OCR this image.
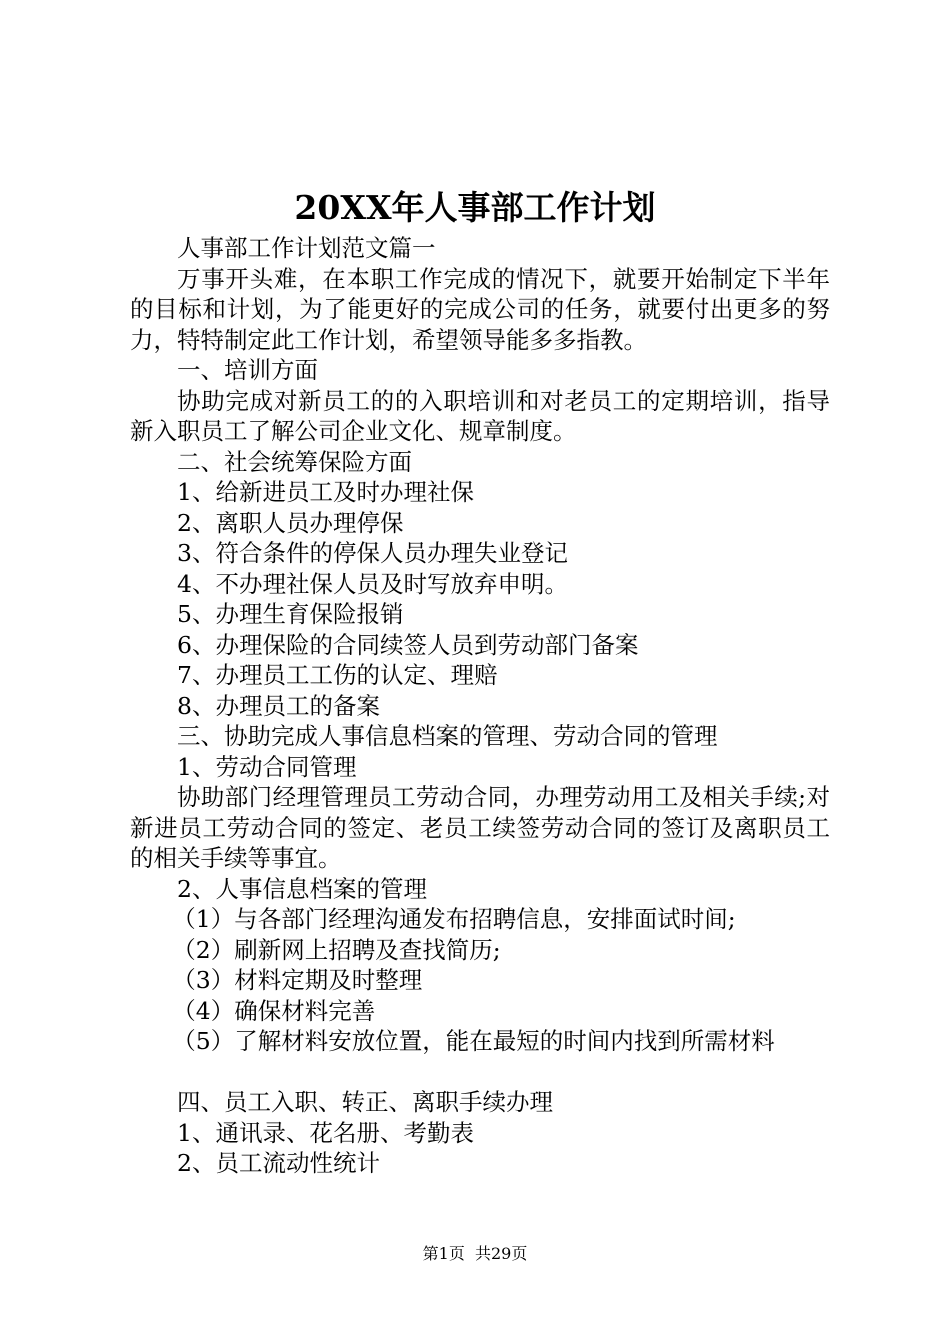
20XX年人事部工作计划

人事部工作计划范文篇一

万事开头难，在本职工作完成的情况下，就要开始制定下半年的目标和计划，为了能更好的完成公司的任务，就要付出更多的努力，特特制定此工作计划，希望领导能多多指教。

一、培训方面

协助完成对新员工的的入职培训和对老员工的定期培训，指导新入职员工了解公司企业文化、规章制度。

二、社会统筹保险方面

1、给新进员工及时办理社保

2、离职人员办理停保

3、符合条件的停保人员办理失业登记

4、不办理社保人员及时写放弃申明。

5、办理生育保险报销

6、办理保险的合同续签人员到劳动部门备案

7、办理员工工伤的认定、理赔

8、办理员工的备案

三、协助完成人事信息档案的管理、劳动合同的管理

1、劳动合同管理

协助部门经理管理员工劳动合同，办理劳动用工及相关手续;对新进员工劳动合同的签定、老员工续签劳动合同的签订及离职员工的相关手续等事宜。

2、人事信息档案的管理

（1）与各部门经理沟通发布招聘信息，安排面试时间;

（2）刷新网上招聘及查找简历;

（3）材料定期及时整理

（4）确保材料完善

（5）了解材料安放位置，能在最短的时间内找到所需材料

四、员工入职、转正、离职手续办理

1、通讯录、花名册、考勤表

2、员工流动性统计

第1页  共29页
